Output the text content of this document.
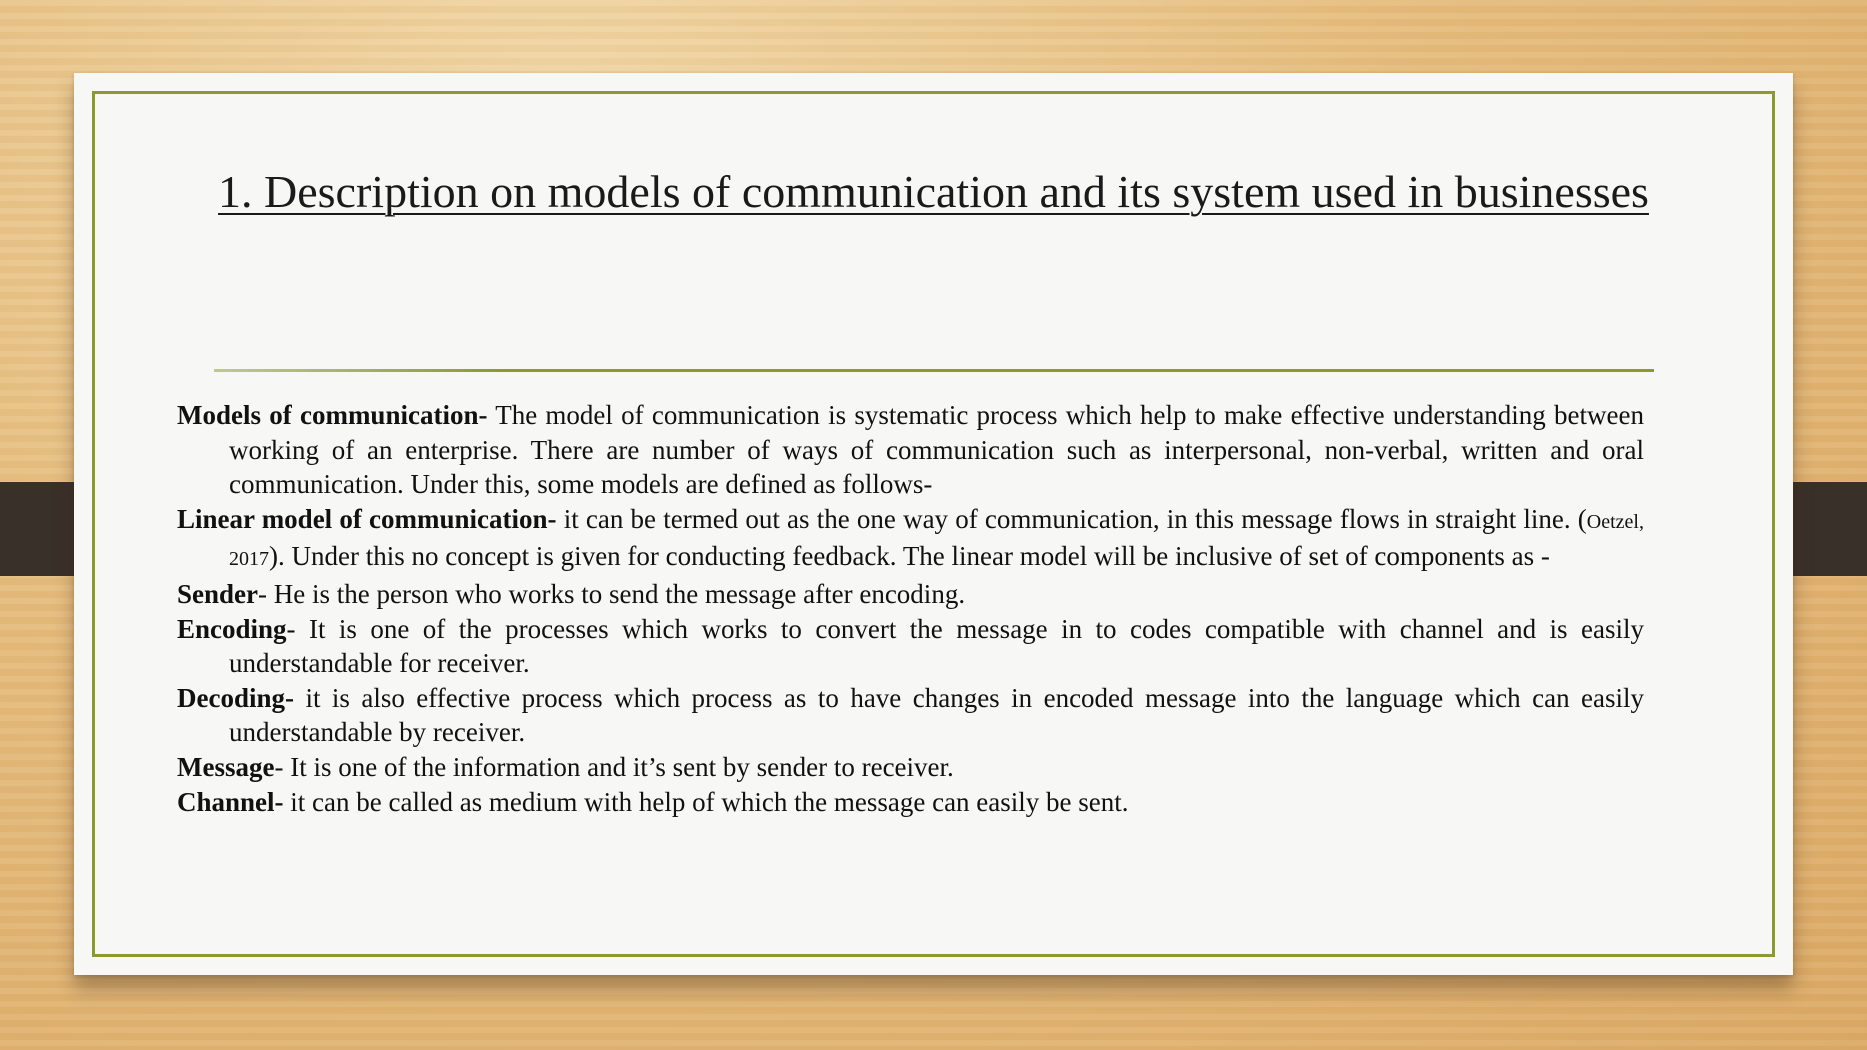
1. Description on models of communication and its system used in businesses

Models of communication- The model of communication is systematic process which help to make effective understanding between working of an enterprise. There are number of ways of communication such as interpersonal, non-verbal, written and oral communication. Under this, some models are defined as follows-

Linear model of communication- it can be termed out as the one way of communication, in this message flows in straight line. (Oetzel, 2017). Under this no concept is given for conducting feedback. The linear model will be inclusive of set of components as -

Sender- He is the person who works to send the message after encoding.

Encoding- It is one of the processes which works to convert the message in to codes compatible with channel and is easily understandable for receiver.

Decoding- it is also effective process which process as to have changes in encoded message into the language which can easily understandable by receiver.

Message- It is one of the information and it’s sent by sender to receiver.

Channel- it can be called as medium with help of which the message can easily be sent.
